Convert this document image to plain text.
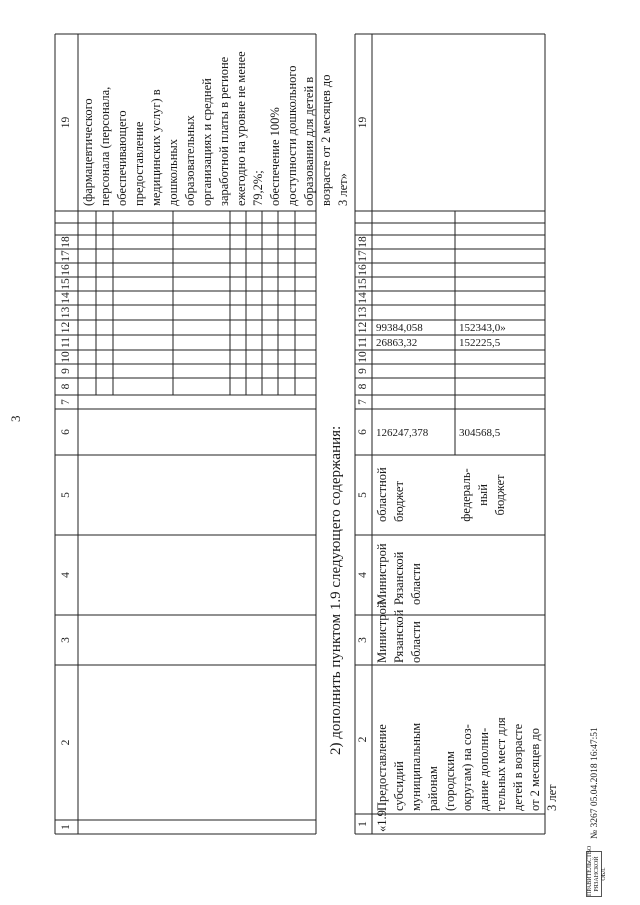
3
1
2
3
4
5
6
7
8
9
10
11
12
13
14
15
16
17
18
19 (фармацевтического персонала (персонала, обеспечивающего предоставление медицинских услуг) в дошкольных образовательных организациях и средней заработной платы в регионе ежегодно на уровне не менее 79,2%; обеспечение 100% доступности дошкольного образования для детей в возрасте от 2 месяцев до 3 лет»
2) дополнить пунктом 1.9 следующего содержания:
1
2
3
4
5
6
7
8
9
10
11
12
13
14
15
16
17
18
19
«1.9
Предоставление субсидий муниципальным районам (городским округам) на соз- дание дополни- тельных мест для детей в возрасте от 2 месяцев до 3 лет
Министрой Рязанской области
Министрой Рязанской области
областной бюджет	федераль- ный бюджет
126247,378
26863,32
99384,058
304568,5
152225,5
152343,0»
ПРАВИТЕЛЬСТВО РЯЗАНСКОЙ ОБЛ.
№ 3267 05.04.2018 16:47:51
